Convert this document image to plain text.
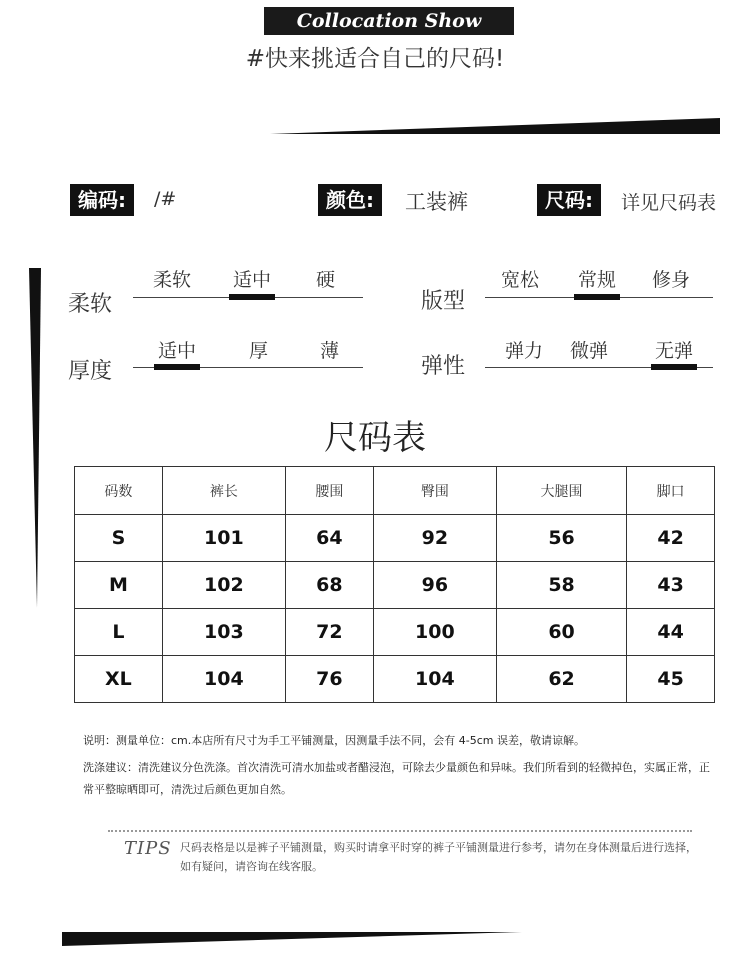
Collocation Show
#快来挑适合自己的尺码!
编码:	/#	颜色:	工装裤	尺码:	详见尺码表
柔软
柔软 适中 硬
版型
宽松 常规 修身
厚度
适中	厚	薄
弹性
弹力 微弹 无弹
尺码表
码数	裤长	腰围	臀围	大腿围	脚口
S	101	64	92	56	42
M	102	68	96	58	43
L	103	72	100	60	44
XL	104	76	104	62	45
说明：测量单位：cm.本店所有尺寸为手工平铺测量，因测量手法不同，会有 4-5cm 误差，敬请谅解。
洗涤建议：清洗建议分色洗涤。首次清洗可清水加盐或者醋浸泡，可除去少量颜色和异味。我们所看到的轻微掉色，实属正常，正常平整晾晒即可，清洗过后颜色更加自然。
TIPS 尺码表格是以是裤子平铺测量，购买时请拿平时穿的裤子平铺测量进行参考，请勿在身体测量后进行选择，如有疑问，请咨询在线客服。
